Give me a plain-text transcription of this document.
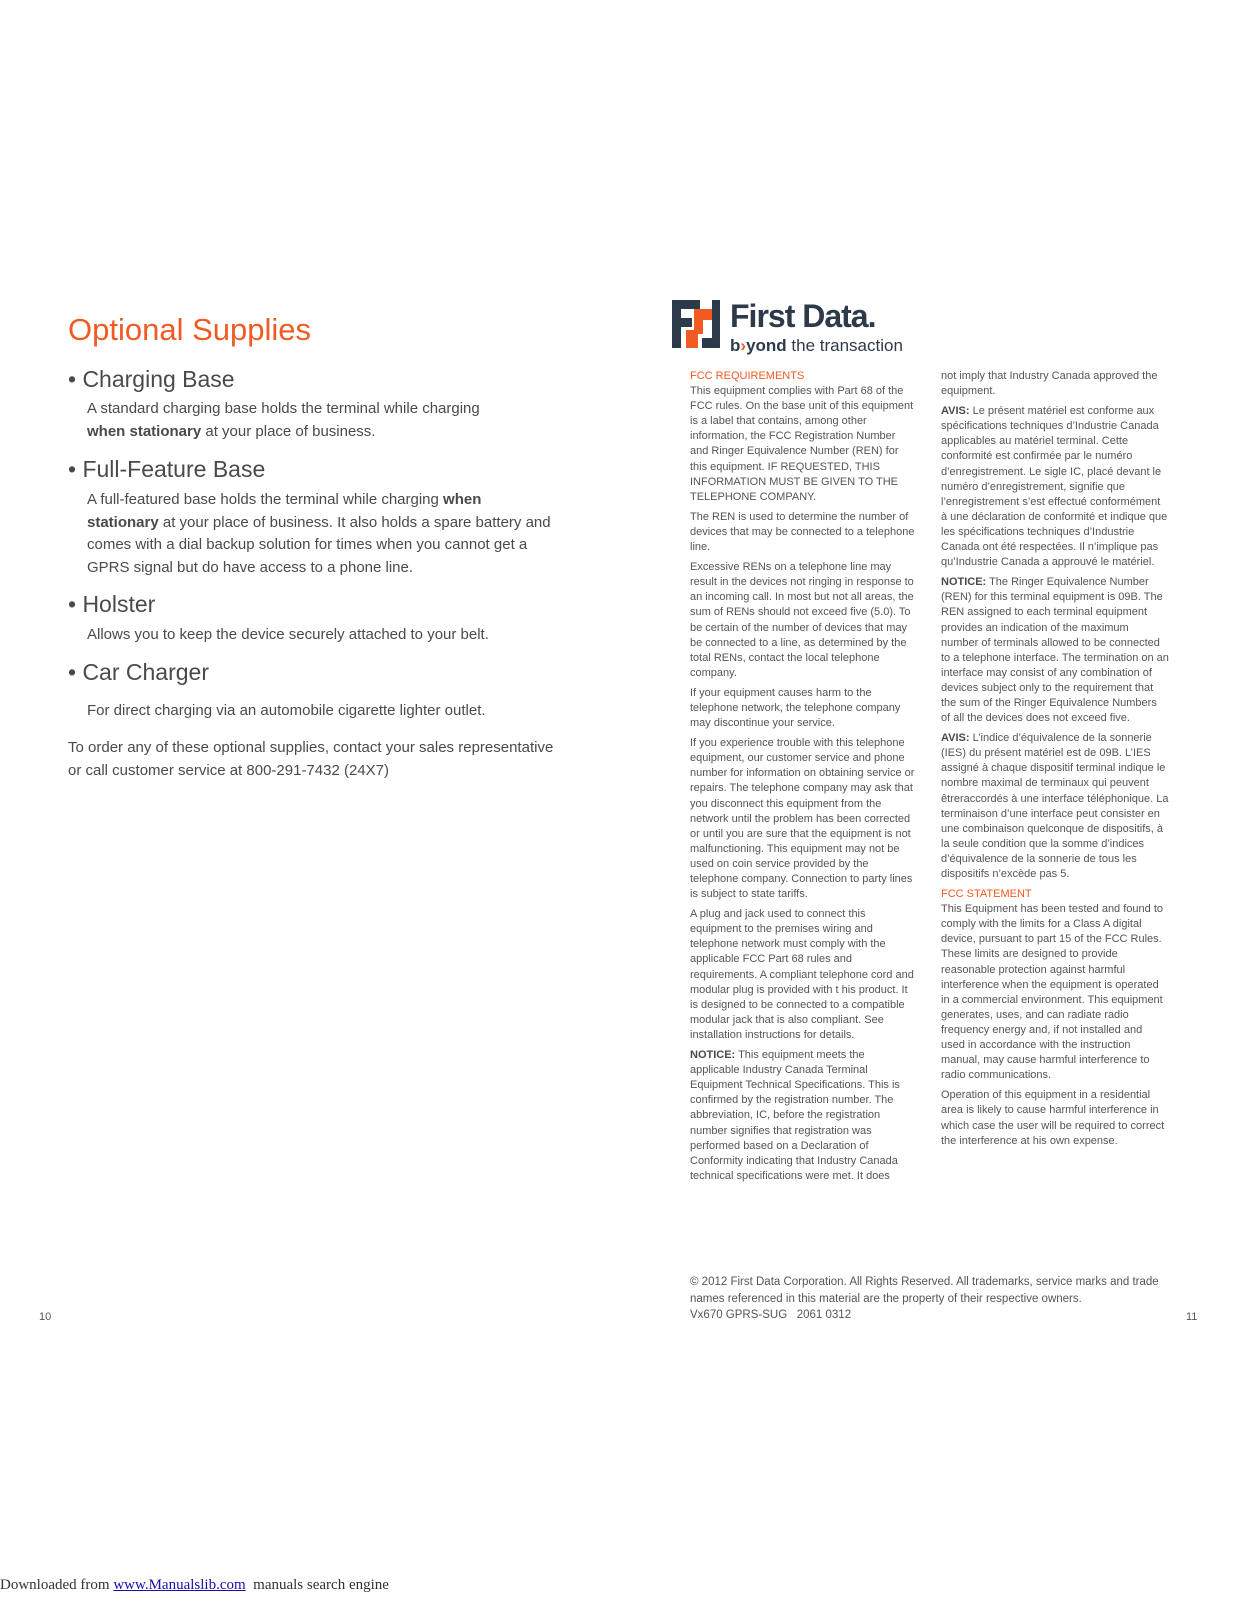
Optional Supplies
• Charging Base

A standard charging base holds the terminal while charging when stationary at your place of business.

• Full-Feature Base

A full-featured base holds the terminal while charging when stationary at your place of business. It also holds a spare battery and comes with a dial backup solution for times when you cannot get a GPRS signal but do have access to a phone line.

• Holster

Allows you to keep the device securely attached to your belt.

• Car Charger

For direct charging via an automobile cigarette lighter outlet.

To order any of these optional supplies, contact your sales representative or call customer service at 800-291-7432 (24X7)

10
First Data.
b›yond the transaction

FCC REQUIREMENTS

This equipment complies with Part 68 of the FCC rules. On the base unit of this equipment is a label that contains, among other information, the FCC Registration Number and Ringer Equivalence Number (REN) for this equipment. IF REQUESTED, THIS INFORMATION MUST BE GIVEN TO THE TELEPHONE COMPANY.

The REN is used to determine the number of devices that may be connected to a telephone line.

Excessive RENs on a telephone line may result in the devices not ringing in response to an incoming call. In most but not all areas, the sum of RENs should not exceed five (5.0). To be certain of the number of devices that may be connected to a line, as determined by the total RENs, contact the local telephone company.

If your equipment causes harm to the telephone network, the telephone company may discontinue your service.

If you experience trouble with this telephone equipment, our customer service and phone number for information on obtaining service or repairs. The telephone company may ask that you disconnect this equipment from the network until the problem has been corrected or until you are sure that the equipment is not malfunctioning. This equipment may not be used on coin service provided by the telephone company. Connection to party lines is subject to state tariffs.

A plug and jack used to connect this equipment to the premises wiring and telephone network must comply with the applicable FCC Part 68 rules and requirements. A compliant telephone cord and modular plug is provided with t his product. It is designed to be connected to a compatible modular jack that is also compliant. See installation instructions for details.

NOTICE: This equipment meets the applicable Industry Canada Terminal Equipment Technical Specifications. This is confirmed by the registration number. The abbreviation, IC, before the registration number signifies that registration was performed based on a Declaration of Conformity indicating that Industry Canada technical specifications were met. It does

not imply that Industry Canada approved the equipment.

AVIS: Le présent matériel est conforme aux spécifications techniques d’Industrie Canada applicables au matériel terminal. Cette conformité est confirmée par le numéro d’enregistrement. Le sigle IC, placé devant le numéro d’enregistrement, signifie que l’enregistrement s’est effectué conformément à une déclaration de conformité et indique que les spécifications techniques d’Industrie Canada ont été respectées. Il n’implique pas qu’Industrie Canada a approuvé le matériel.

NOTICE: The Ringer Equivalence Number (REN) for this terminal equipment is 09B. The REN assigned to each terminal equipment provides an indication of the maximum number of terminals allowed to be connected to a telephone interface. The termination on an interface may consist of any combination of devices subject only to the requirement that the sum of the Ringer Equivalence Numbers of all the devices does not exceed five.

AVIS: L’indice d’équivalence de la sonnerie (IES) du présent matériel est de 09B. L’IES assigné à chaque dispositif terminal indique le nombre maximal de terminaux qui peuvent êtreraccordés à une interface téléphonique. La terminaison d’une interface peut consister en une combinaison quelconque de dispositifs, à la seule condition que la somme d’indices d’équivalence de la sonnerie de tous les dispositifs n’excède pas 5.

FCC STATEMENT

This Equipment has been tested and found to comply with the limits for a Class A digital device, pursuant to part 15 of the FCC Rules. These limits are designed to provide reasonable protection against harmful interference when the equipment is operated in a commercial environment. This equipment generates, uses, and can radiate radio frequency energy and, if not installed and used in accordance with the instruction manual, may cause harmful interference to radio communications.

Operation of this equipment in a residential area is likely to cause harmful interference in which case the user will be required to correct the interference at his own expense.

© 2012 First Data Corporation. All Rights Reserved. All trademarks, service marks and trade names referenced in this material are the property of their respective owners.

Vx670 GPRS-SUG   2061 0312	11
Downloaded from www.Manualslib.com  manuals search engine
